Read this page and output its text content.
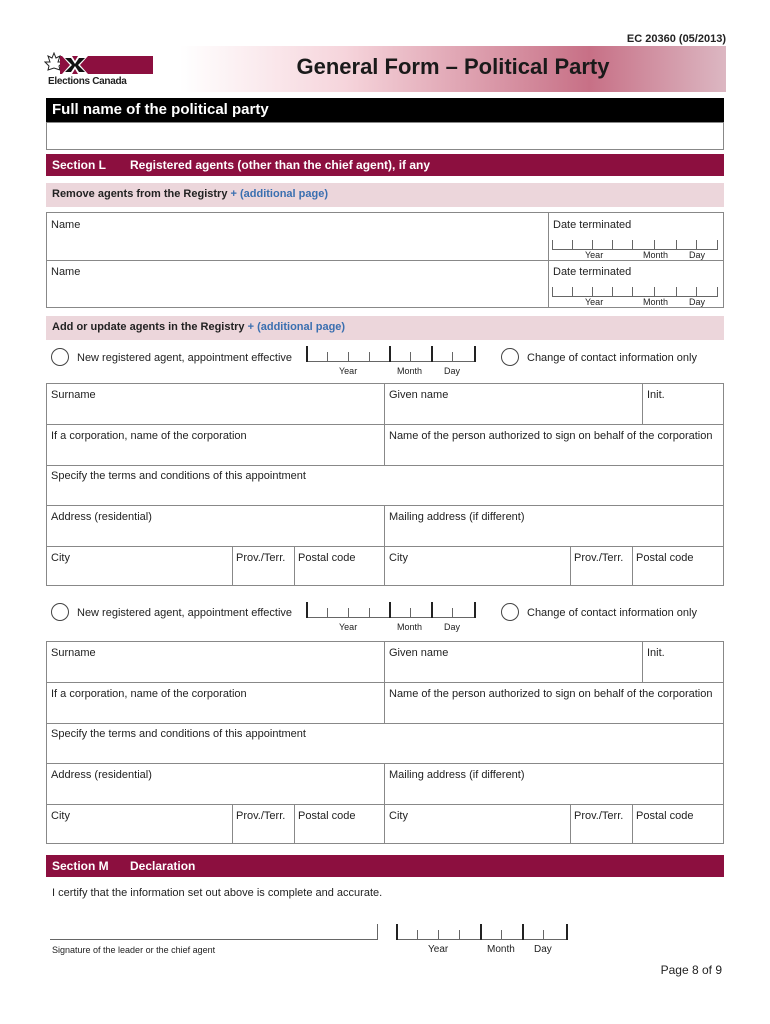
EC 20360 (05/2013)
Elections Canada
General Form – Political Party
Full name of the political party
Section L Registered agents (other than the chief agent), if any
Remove agents from the Registry + (additional page)
Name	Date terminated
Name	Date terminated
Year	Month Day
Year	Month Day
Add or update agents in the Registry + (additional page)
New registered agent, appointment effective
Year	Month Day
Change of contact information only
Surname	Given name	Init.
If a corporation, name of the corporation	Name of the person authorized to sign on behalf of the corporation
Specify the terms and conditions of this appointment
Address (residential)	Mailing address (if different)
City	Prov./Terr. Postal code	City	Prov./Terr. Postal code
New registered agent, appointment effective
Year	Month Day
Change of contact information only
Surname	Given name	Init.
If a corporation, name of the corporation	Name of the person authorized to sign on behalf of the corporation
Specify the terms and conditions of this appointment
Address (residential)	Mailing address (if different)
City	Prov./Terr. Postal code	City	Prov./Terr. Postal code
Section M Declaration
I certify that the information set out above is complete and accurate.
Signature of the leader or the chief agent	Year	Month Day
Page 8 of 9
